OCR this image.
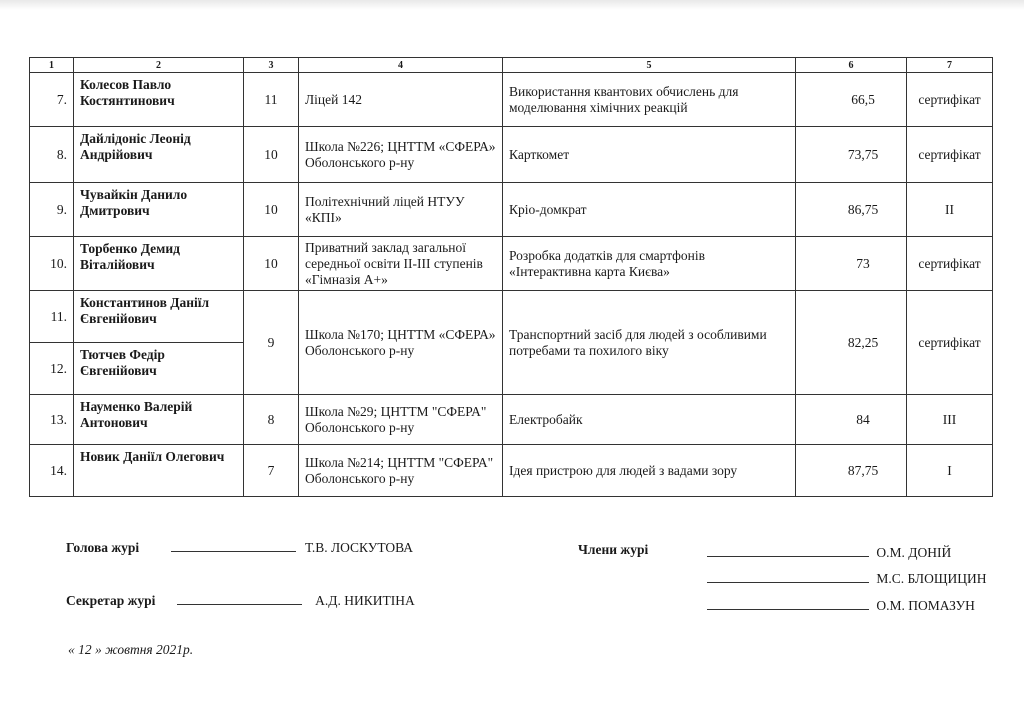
1	2	3	4	5	6	7
7.	Колесов Павло Костянтинович	11	Ліцей 142	Використання квантових обчислень для моделювання хімічних реакцій	66,5	сертифікат
8.	Дайлідоніс Леонід Андрійович	10	Школа №226; ЦНТТМ «СФЕРА» Оболонського р-ну	Карткомет	73,75	сертифікат
9.	Чувайкін Данило Дмитрович	10	Політехнічний ліцей НТУУ «КПІ»	Кріо-домкрат	86,75	II
10.	Торбенко Демид Віталійович	10	Приватний заклад загальної середньої освіти ІІ-ІІІ ступенів «Гімназія А+»	Розробка додатків для смартфонів «Інтерактивна карта Києва»	73	сертифікат
11.	Константинов Даніїл Євгенійович	9	Школа №170; ЦНТТМ «СФЕРА» Оболонського р-ну	Транспортний засіб для людей з особливими потребами та похилого віку	82,25	сертифікат
12.	Тютчев Федір Євгенійович					
13.	Науменко Валерій Антонович	8	Школа №29; ЦНТТМ "СФЕРА" Оболонського р-ну	Електробайк	84	III
14.	Новик Даніїл Олегович	7	Школа №214; ЦНТТМ "СФЕРА" Оболонського р-ну	Ідея пристрою для людей з вадами зору	87,75	I
Голова журі	Т.В. ЛОСКУТОВА
Секретар журі	А.Д. НИКИТІНА
Члени журі	О.М. ДОНІЙ
М.С. БЛОЩИЦИН
О.М. ПОМАЗУН
« 12 » жовтня 2021р.
